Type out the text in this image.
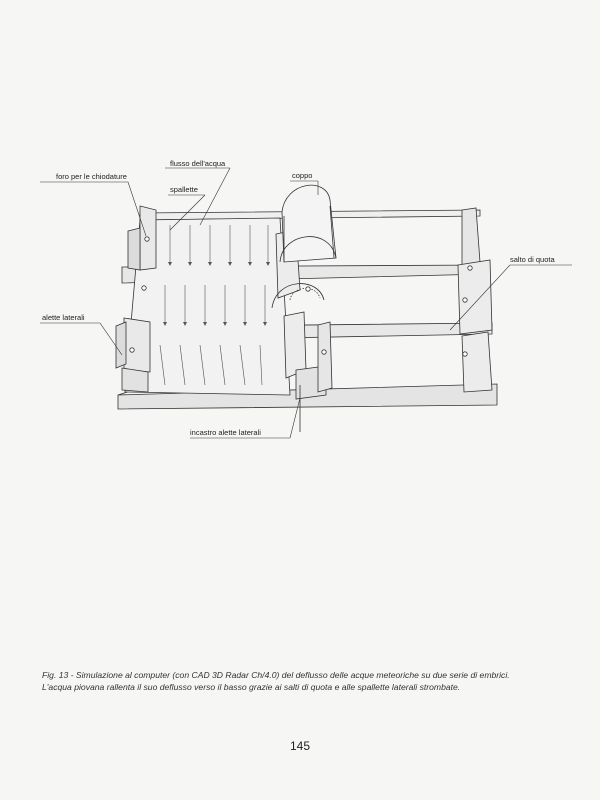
foro per le chiodature
flusso dell'acqua
spallette
coppo
salto di quota
alette laterali
incastro alette laterali
Fig. 13 - Simulazione al computer (con CAD 3D Radar Ch/4.0) del deflusso delle acque meteoriche su due serie di embrici.
L'acqua piovana rallenta il suo deflusso verso il basso grazie ai salti di quota e alle spallette laterali strombate.
145
